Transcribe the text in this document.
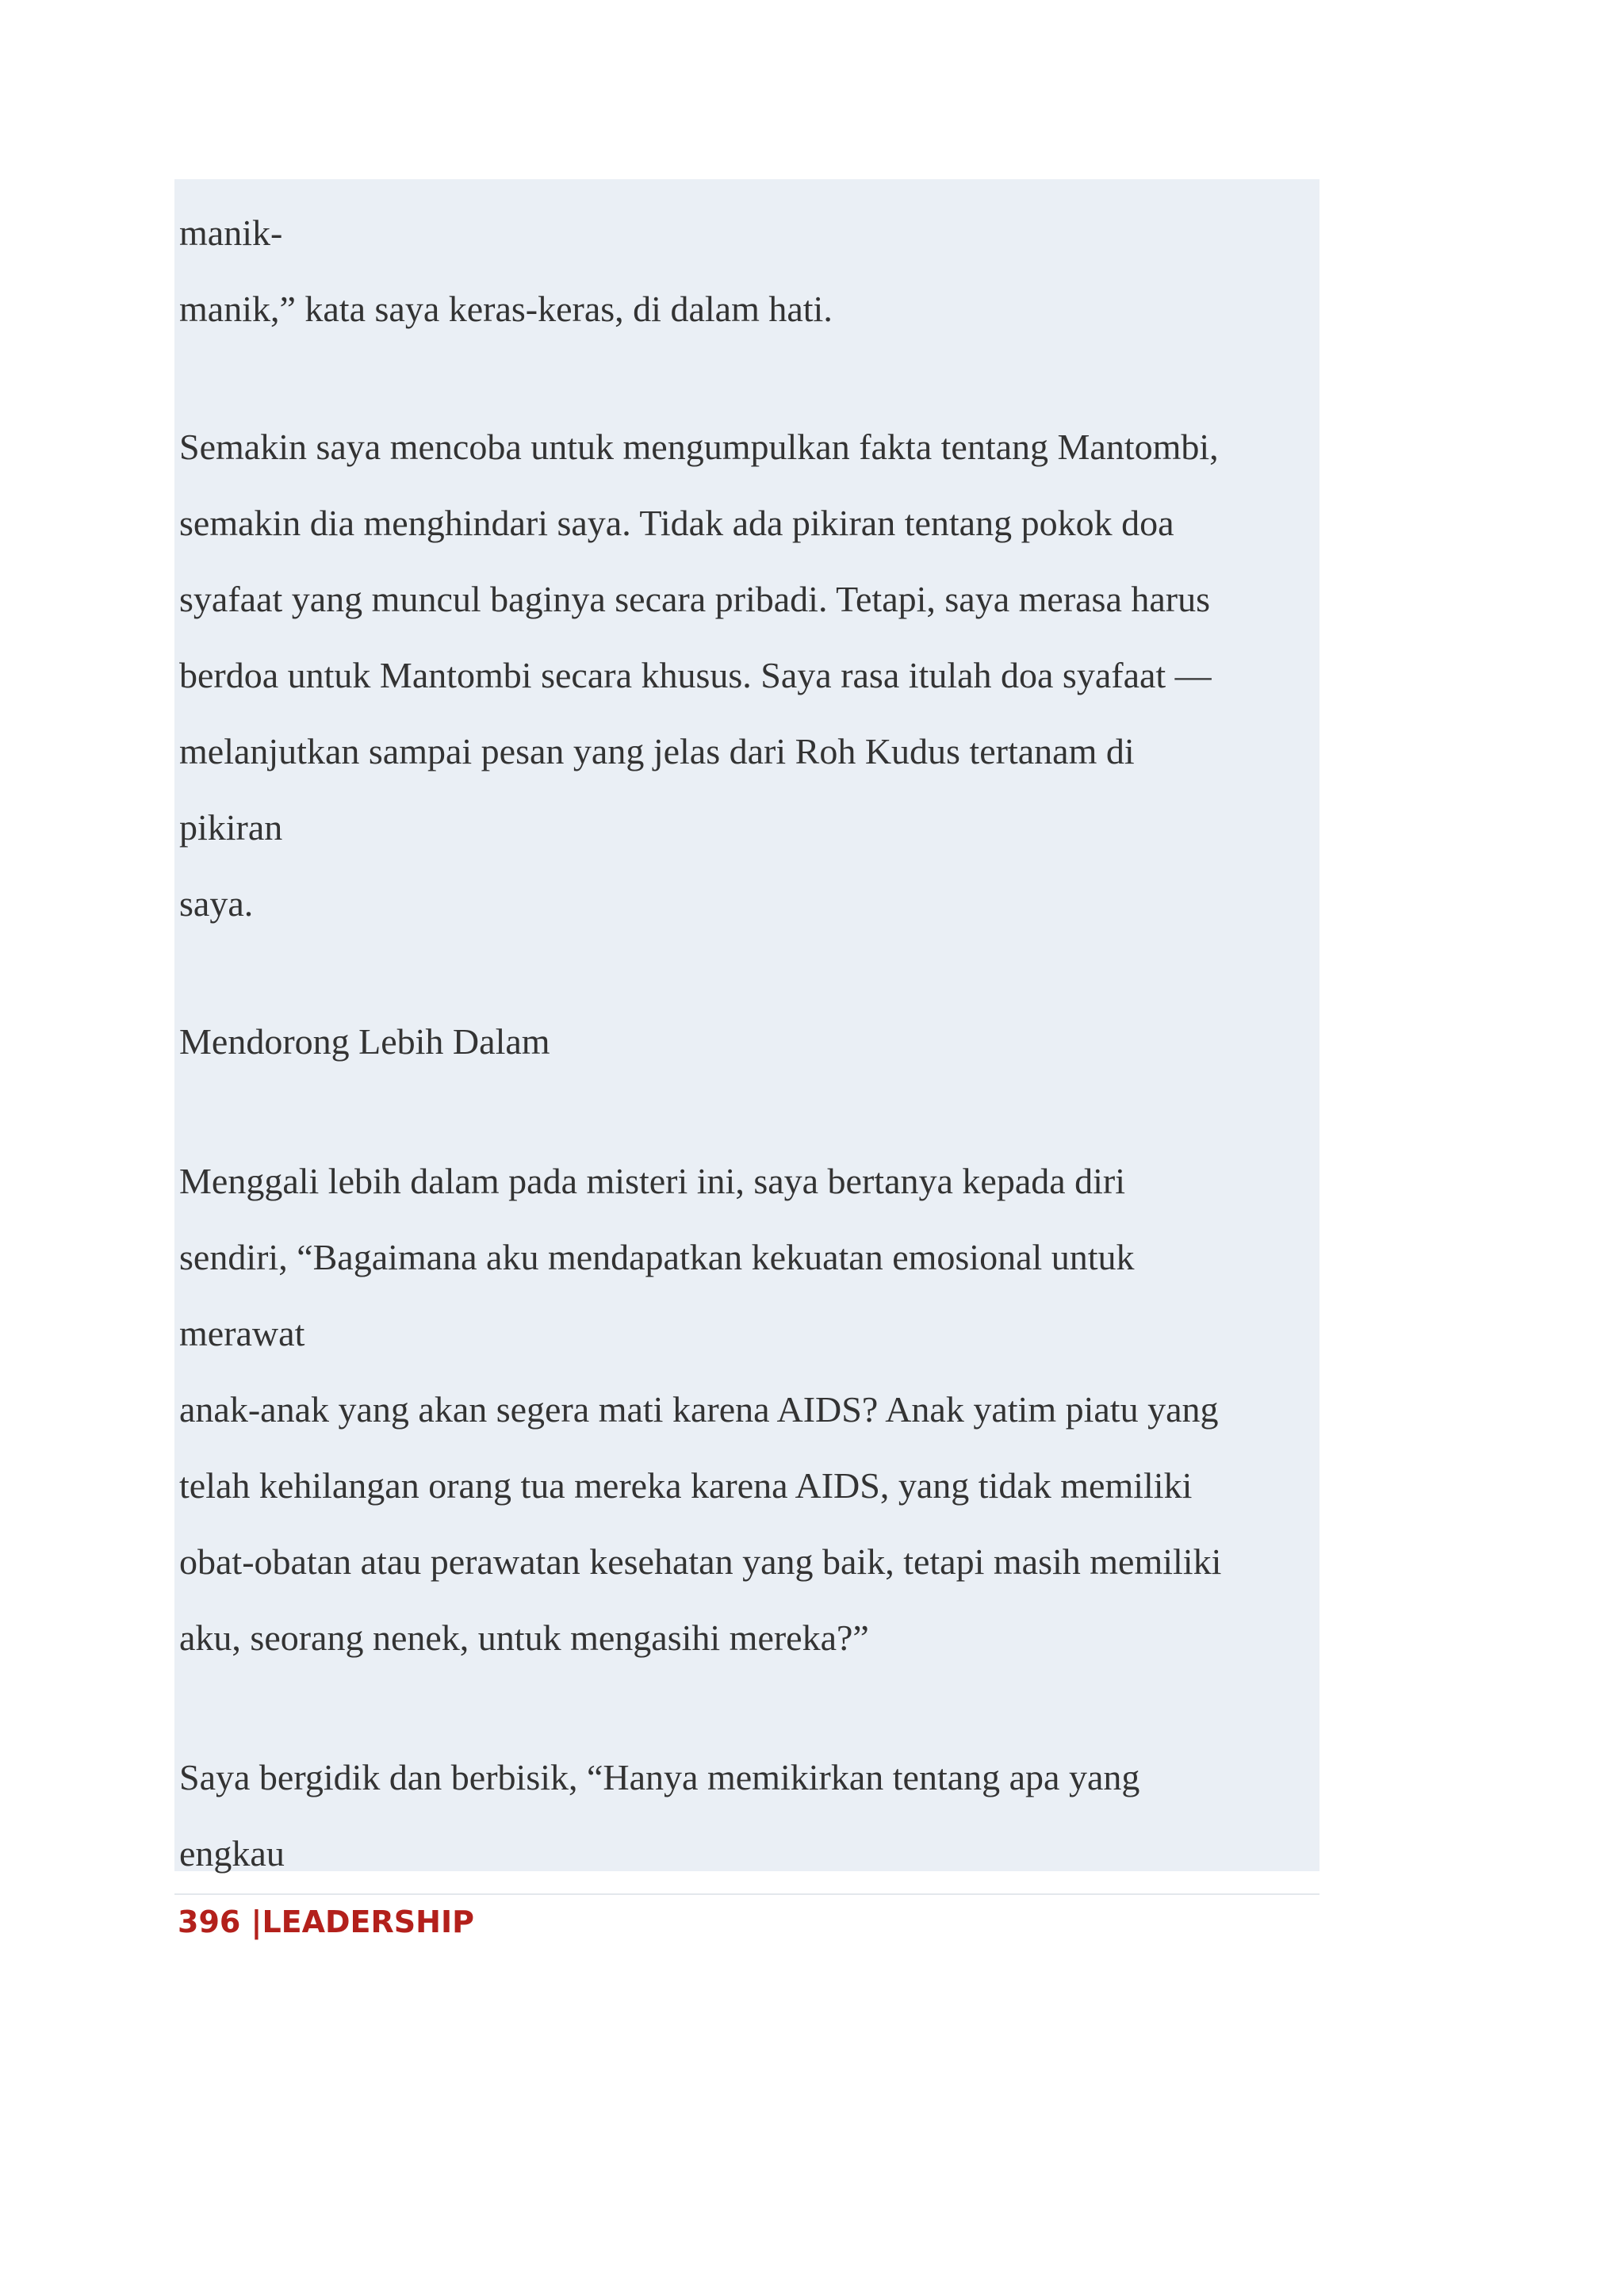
manik-

manik,” kata saya keras-keras, di dalam hati.

Semakin saya mencoba untuk mengumpulkan fakta tentang Mantombi,

semakin dia menghindari saya. Tidak ada pikiran tentang pokok doa

syafaat yang muncul baginya secara pribadi. Tetapi, saya merasa harus

berdoa untuk Mantombi secara khusus. Saya rasa itulah doa syafaat —

melanjutkan sampai pesan yang jelas dari Roh Kudus tertanam di

pikiran

saya.

Mendorong Lebih Dalam

Menggali lebih dalam pada misteri ini, saya bertanya kepada diri

sendiri, “Bagaimana aku mendapatkan kekuatan emosional untuk

merawat

anak-anak yang akan segera mati karena AIDS? Anak yatim piatu yang

telah kehilangan orang tua mereka karena AIDS, yang tidak memiliki

obat-obatan atau perawatan kesehatan yang baik, tetapi masih memiliki

aku, seorang nenek, untuk mengasihi mereka?”

Saya bergidik dan berbisik, “Hanya memikirkan tentang apa yang

engkau

396 |LEADERSHIP
